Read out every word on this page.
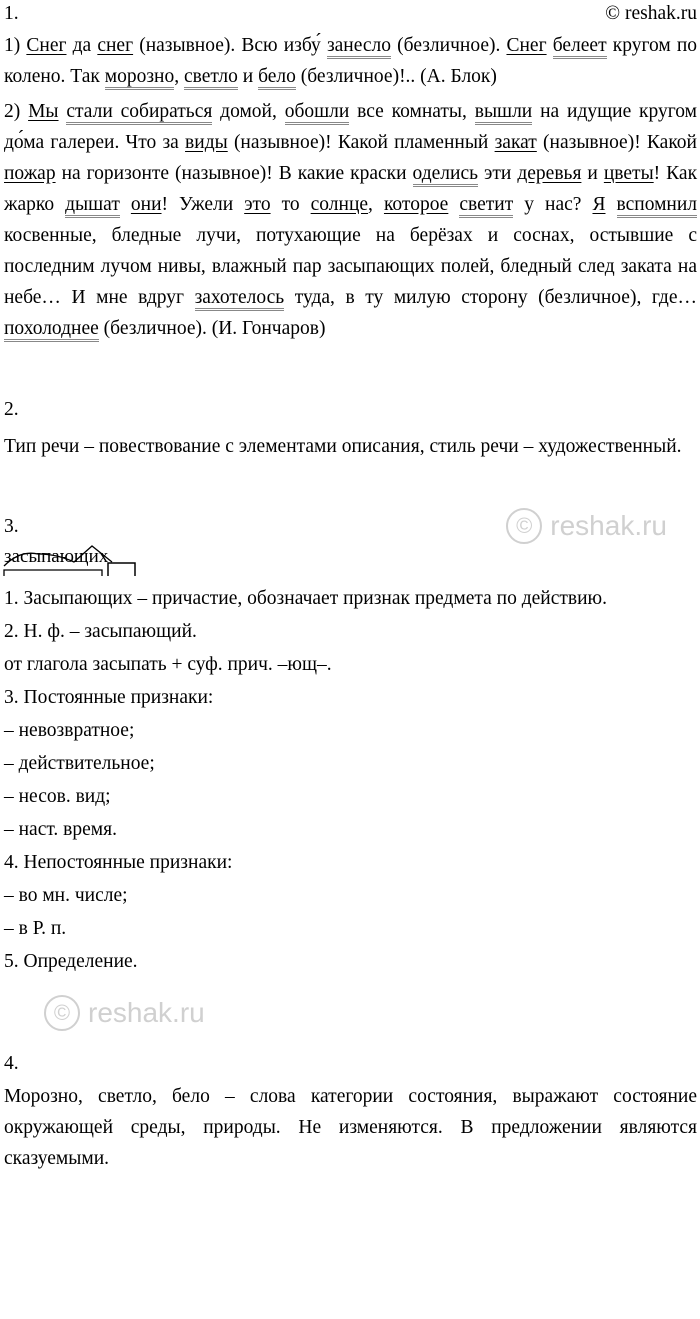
1.	© reshak.ru

1) Снег да снег (назывное). Всю избу́ занесло (безличное). Снег белеет кругом по колено. Так морозно, светло и бело (безличное)!.. (А. Блок)

2) Мы стали собираться домой, обошли все комнаты, вышли на идущие кругом до́ма галереи. Что за виды (назывное)! Какой пламенный закат (назывное)! Какой пожар на горизонте (назывное)! В какие краски оделись эти деревья и цветы! Как жарко дышат они! Ужели это то солнце, которое светит у нас? Я вспомнил косвенные, бледные лучи, потухающие на берёзах и соснах, остывшие с последним лучом нивы, влажный пар засыпающих полей, бледный след заката на небе… И мне вдруг захотелось туда, в ту милую сторону (безличное), где… похолоднее (безличное). (И. Гончаров)

2.

Тип речи – повествование с элементами описания, стиль речи – художественный.

3.	© reshak.ru
засыпающих

1. Засыпающих – причастие, обозначает признак предмета по действию.

2. Н. ф. – засыпающий.

от глагола засыпать + суф. прич. –ющ–.

3. Постоянные признаки:

– невозвратное;

– действительное;

– несов. вид;

– наст. время.

4. Непостоянные признаки:

– во мн. числе;

– в Р. п.

5. Определение.

© reshak.ru

4.

Морозно, светло, бело – слова категории состояния, выражают состояние окружающей среды, природы. Не изменяются. В предложении являются сказуемыми.
